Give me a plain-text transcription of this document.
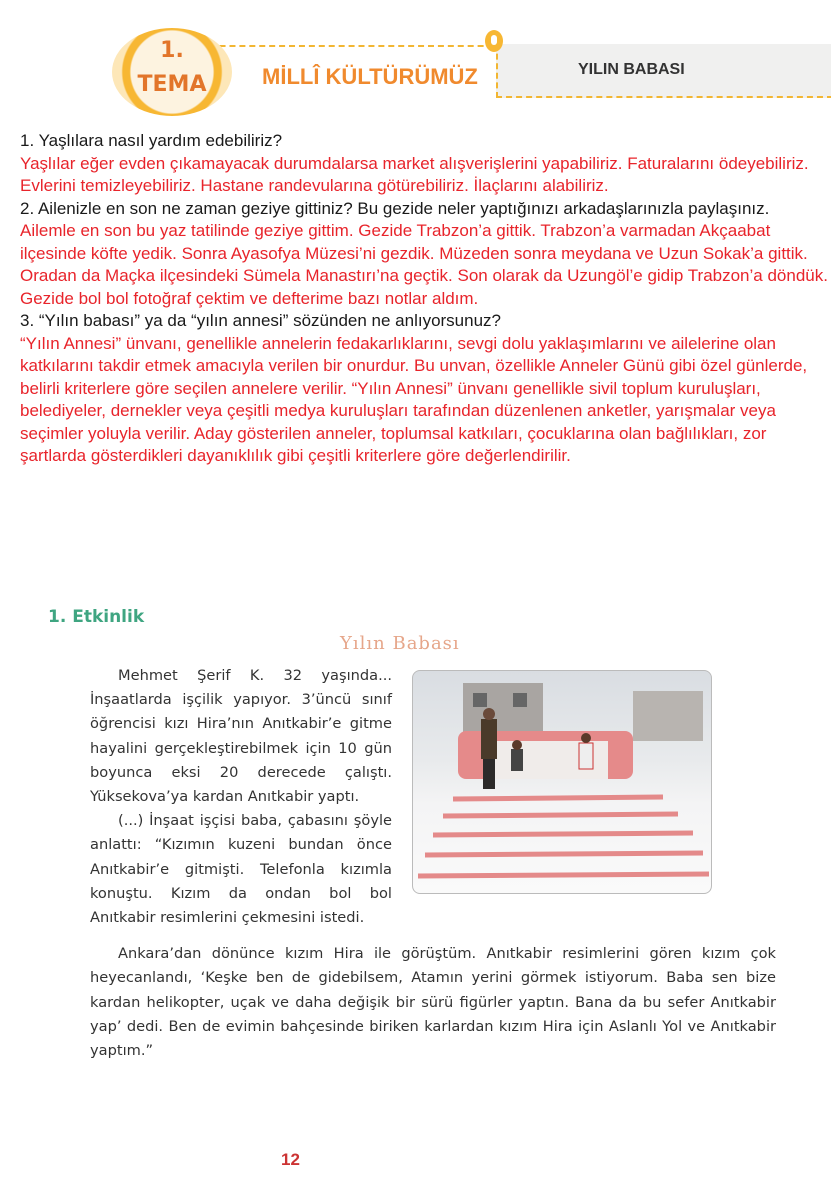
1.
TEMA
YILIN BABASI
MİLLÎ KÜLTÜRÜMÜZ

1. Yaşlılara nasıl yardım edebiliriz?

Yaşlılar eğer evden çıkamayacak durumdalarsa market alışverişlerini yapabiliriz. Faturalarını ödeyebiliriz. Evlerini temizleyebiliriz. Hastane randevularına götürebiliriz. İlaçlarını alabiliriz.

2. Ailenizle en son ne zaman geziye gittiniz? Bu gezide neler yaptığınızı arkadaşlarınızla paylaşınız.

Ailemle en son bu yaz tatilinde geziye gittim. Gezide Trabzon’a gittik. Trabzon’a varmadan Akçaabat ilçesinde köfte yedik. Sonra Ayasofya Müzesi’ni gezdik. Müzeden sonra meydana ve Uzun Sokak’a gittik. Oradan da Maçka ilçesindeki Sümela Manastırı’na geçtik. Son olarak da Uzungöl’e gidip Trabzon’a döndük. Gezide bol bol fotoğraf çektim ve defterime bazı notlar aldım.

3. “Yılın babası” ya da “yılın annesi” sözünden ne anlıyorsunuz?

“Yılın Annesi” ünvanı, genellikle annelerin fedakarlıklarını, sevgi dolu yaklaşımlarını ve ailelerine olan katkılarını takdir etmek amacıyla verilen bir onurdur. Bu unvan, özellikle Anneler Günü gibi özel günlerde, belirli kriterlere göre seçilen annelere verilir. “Yılın Annesi” ünvanı genellikle sivil toplum kuruluşları, belediyeler, dernekler veya çeşitli medya kuruluşları tarafından düzenlenen anketler, yarışmalar veya seçimler yoluyla verilir. Aday gösterilen anneler, toplumsal katkıları, çocuklarına olan bağlılıkları, zor şartlarda gösterdikleri dayanıklılık gibi çeşitli kriterlere göre değerlendirilir.

1. Etkinlik
Yılın Babası

Mehmet Şerif K. 32 yaşında... İnşaatlarda işçilik yapıyor. 3’üncü sınıf öğrencisi kızı Hira’nın Anıtkabir’e gitme hayalini gerçekleştirebilmek için 10 gün boyunca eksi 20 derecede çalıştı. Yüksekova’ya kardan Anıtkabir yaptı.

(...) İnşaat işçisi baba, çabasını şöyle anlattı: “Kızımın kuzeni bundan önce Anıtkabir’e gitmişti. Telefonla kızımla konuştu. Kızım da ondan bol bol Anıtkabir resimlerini çekmesini istedi.

Ankara’dan dönünce kızım Hira ile görüştüm. Anıtkabir resimlerini gören kızım çok heyecanlandı, ‘Keşke ben de gidebilsem, Atamın yerini görmek istiyorum. Baba sen bize kardan helikopter, uçak ve daha değişik bir sürü figürler yaptın. Bana da bu sefer Anıtkabir yap’ dedi. Ben de evimin bahçesinde biriken karlardan kızım Hira için Aslanlı Yol ve Anıtkabir yaptım.”

12
